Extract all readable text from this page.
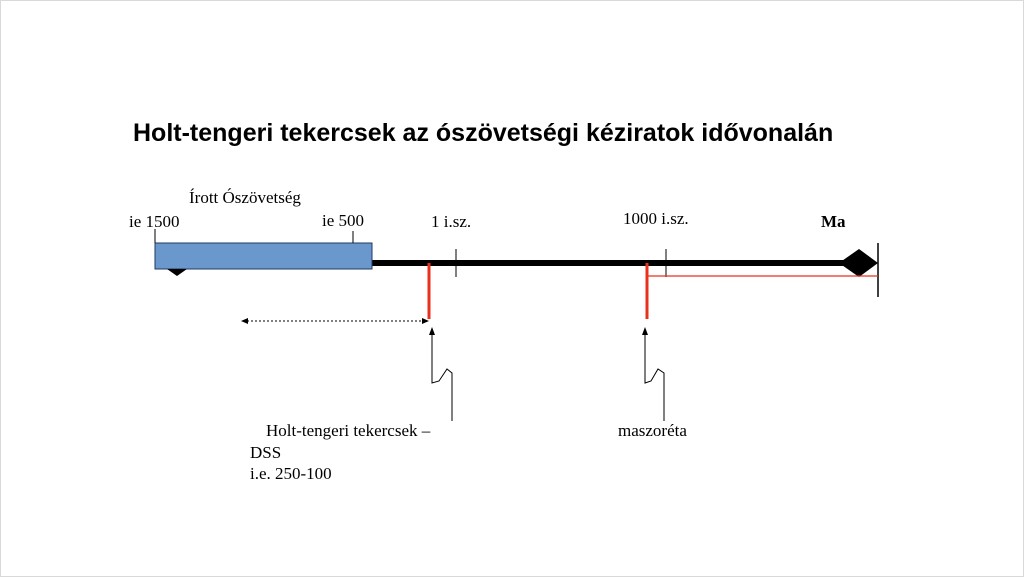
Holt-tengeri tekercsek az ószövetségi kéziratok idővonalán
Írott Ószövetség
ie 1500	ie 500	1 i.sz.	1000 i.sz.	Ma
Holt-tengeri tekercsek –
DSS
i.e. 250-100
maszoréta
